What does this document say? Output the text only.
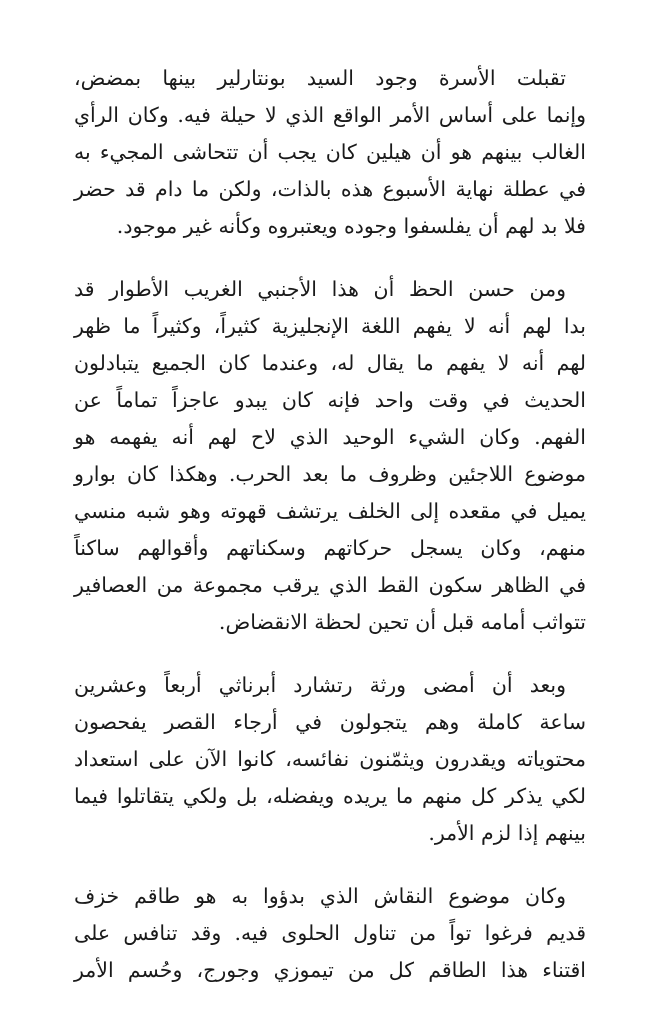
تقبلت الأسرة وجود السيد بونتارلير بينها بمضض،
وإنما على أساس الأمر الواقع الذي لا حيلة فيه. وكان الرأي
الغالب بينهم هو أن هيلين كان يجب أن تتحاشى المجيء به
في عطلة نهاية الأسبوع هذه بالذات، ولكن ما دام قد حضر
فلا بد لهم أن يفلسفوا وجوده ويعتبروه وكأنه غير موجود.

ومن حسن الحظ أن هذا الأجنبي الغريب الأطوار قد
بدا لهم أنه لا يفهم اللغة الإنجليزية كثيراً، وكثيراً ما ظهر
لهم أنه لا يفهم ما يقال له، وعندما كان الجميع يتبادلون
الحديث في وقت واحد فإنه كان يبدو عاجزاً تماماً عن
الفهم. وكان الشيء الوحيد الذي لاح لهم أنه يفهمه هو
موضوع اللاجئين وظروف ما بعد الحرب. وهكذا كان بوارو
يميل في مقعده إلى الخلف يرتشف قهوته وهو شبه منسي
منهم، وكان يسجل حركاتهم وسكناتهم وأقوالهم ساكناً
في الظاهر سكون القط الذي يرقب مجموعة من العصافير
تتواثب أمامه قبل أن تحين لحظة الانقضاض.

وبعد أن أمضى ورثة رتشارد أبرناثي أربعاً وعشرين
ساعة كاملة وهم يتجولون في أرجاء القصر يفحصون
محتوياته ويقدرون ويثمّنون نفائسه، كانوا الآن على استعداد
لكي يذكر كل منهم ما يريده ويفضله، بل ولكي يتقاتلوا فيما
بينهم إذا لزم الأمر.

وكان موضوع النقاش الذي بدؤوا به هو طاقم خزف
قديم فرغوا تواً من تناول الحلوى فيه. وقد تنافس على
اقتناء هذا الطاقم كل من تيموزي وجورج، وحُسم الأمر
